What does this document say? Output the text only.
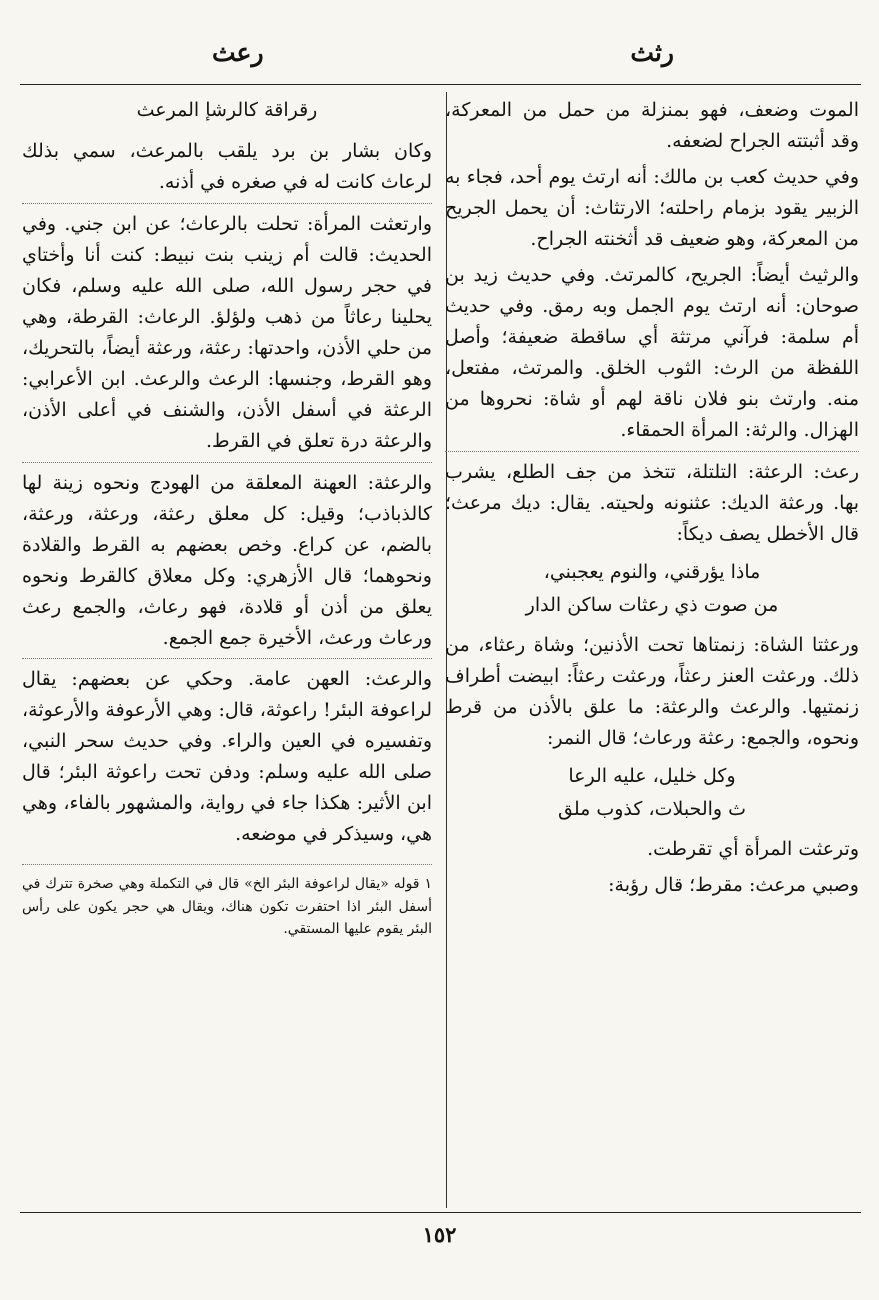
رثث
رعث

الموت وضعف، فهو بمنزلة من حمل من المعركة، وقد أثبتته الجراح لضعفه.

وفي حديث كعب بن مالك: أنه ارتث يوم أحد، فجاء به الزبير يقود بزمام راحلته؛ الارتثاث: أن يحمل الجريح من المعركة، وهو ضعيف قد أثخنته الجراح.

والرثيث أيضاً: الجريح، كالمرتث. وفي حديث زيد بن صوحان: أنه ارتث يوم الجمل وبه رمق. وفي حديث أم سلمة: فرآني مرتثة أي ساقطة ضعيفة؛ وأصل اللفظة من الرث: الثوب الخلق. والمرتث، مفتعل، منه. وارتث بنو فلان ناقة لهم أو شاة: نحروها من الهزال. والرثة: المرأة الحمقاء.

رعث: الرعثة: التلتلة، تتخذ من جف الطلع، يشرب بها. ورعثة الديك: عثنونه ولحيته. يقال: ديك مرعث؛ قال الأخطل يصف ديكاً:

ماذا يؤرقني، والنوم يعجبني،
من صوت ذي رعثات ساكن الدار

ورعثتا الشاة: زنمتاها تحت الأذنين؛ وشاة رعثاء، من ذلك. ورعثت العنز رعثاً، ورعثت رعثاً: ابيضت أطراف زنمتيها. والرعث والرعثة: ما علق بالأذن من قرط ونحوه، والجمع: رعثة ورعاث؛ قال النمر:

وكل خليل، عليه الرعا
ث والحبلات، كذوب ملق

وترعثت المرأة أي تقرطت.

وصبي مرعث: مقرط؛ قال رؤبة:

رقراقة كالرشإ المرعث

وكان بشار بن برد يلقب بالمرعث، سمي بذلك لرعاث كانت له في صغره في أذنه.

وارتعثت المرأة: تحلت بالرعاث؛ عن ابن جني. وفي الحديث: قالت أم زينب بنت نبيط: كنت أنا وأختاي في حجر رسول الله، صلى الله عليه وسلم، فكان يحلينا رعاثاً من ذهب ولؤلؤ. الرعاث: القرطة، وهي من حلي الأذن، واحدتها: رعثة، ورعثة أيضاً، بالتحريك، وهو القرط، وجنسها: الرعث والرعث. ابن الأعرابي: الرعثة في أسفل الأذن، والشنف في أعلى الأذن، والرعثة درة تعلق في القرط.

والرعثة: العهنة المعلقة من الهودج ونحوه زينة لها كالذباذب؛ وقيل: كل معلق رعثة، ورعثة، ورعثة، بالضم، عن كراع. وخص بعضهم به القرط والقلادة ونحوهما؛ قال الأزهري: وكل معلاق كالقرط ونحوه يعلق من أذن أو قلادة، فهو رعاث، والجمع رعث ورعاث ورعث، الأخيرة جمع الجمع.

والرعث: العهن عامة. وحكي عن بعضهم: يقال لراعوفة البئر! راعوثة، قال: وهي الأرعوفة والأرعوثة، وتفسيره في العين والراء. وفي حديث سحر النبي، صلى الله عليه وسلم: ودفن تحت راعوثة البئر؛ قال ابن الأثير: هكذا جاء في رواية، والمشهور بالفاء، وهي هي، وسيذكر في موضعه.

١ قوله «يقال لراعوفة البئر الخ» قال في التكملة وهي صخرة تترك في أسفل البئر اذا احتفرت تكون هناك، ويقال هي حجر يكون على رأس البئر يقوم عليها المستقي.
١٥٢
